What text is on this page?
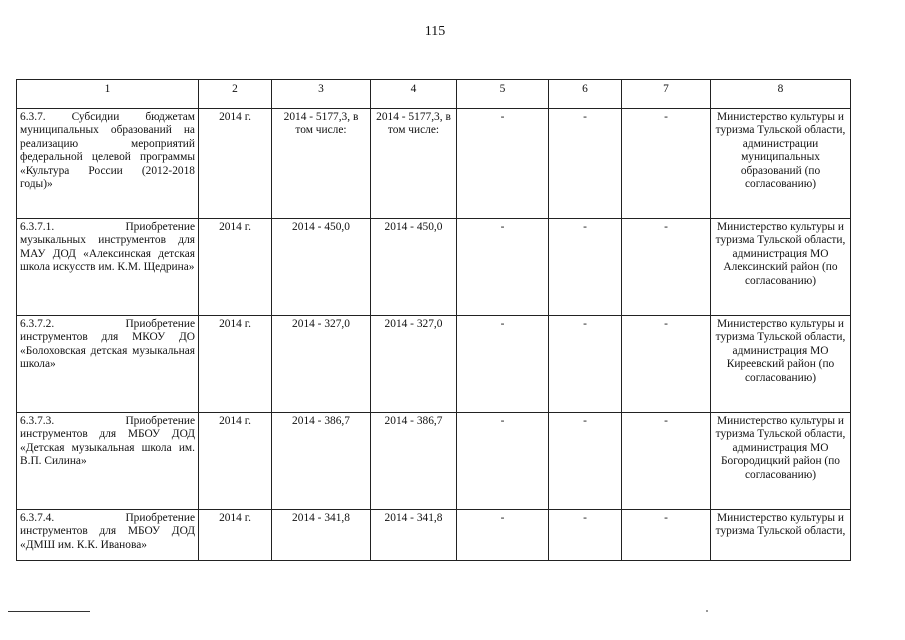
115
1	2	3	4	5	6	7	8
6.3.7. Субсидии бюджетам муниципальных образований на реализацию мероприятий федеральной целевой программы «Культура России (2012-2018 годы)»	2014 г.	2014 - 5177,3, в том числе:	2014 - 5177,3, в том числе:	-	-	-	Министерство культуры и туризма Тульской области, администрации муниципальных образований (по согласованию)
6.3.7.1. Приобретение музыкальных инструментов для МАУ ДОД «Алексинская детская школа искусств им. К.М. Щедрина»	2014 г.	2014 - 450,0	2014 - 450,0	-	-	-	Министерство культуры и туризма Тульской области, администрация МО Алексинский район (по согласованию)
6.3.7.2. Приобретение инструментов для МКОУ ДО «Болоховская детская музыкальная школа»	2014 г.	2014 - 327,0	2014 - 327,0	-	-	-	Министерство культуры и туризма Тульской области, администрация МО Киреевский район (по согласованию)
6.3.7.3. Приобретение инструментов для МБОУ ДОД «Детская музыкальная школа им. В.П. Силина»	2014 г.	2014 - 386,7	2014 - 386,7	-	-	-	Министерство культуры и туризма Тульской области, администрация МО Богородицкий район (по согласованию)
6.3.7.4. Приобретение инструментов для МБОУ ДОД «ДМШ им. К.К. Иванова»	2014 г.	2014 - 341,8	2014 - 341,8	-	-	-	Министерство культуры и туризма Тульской области,
